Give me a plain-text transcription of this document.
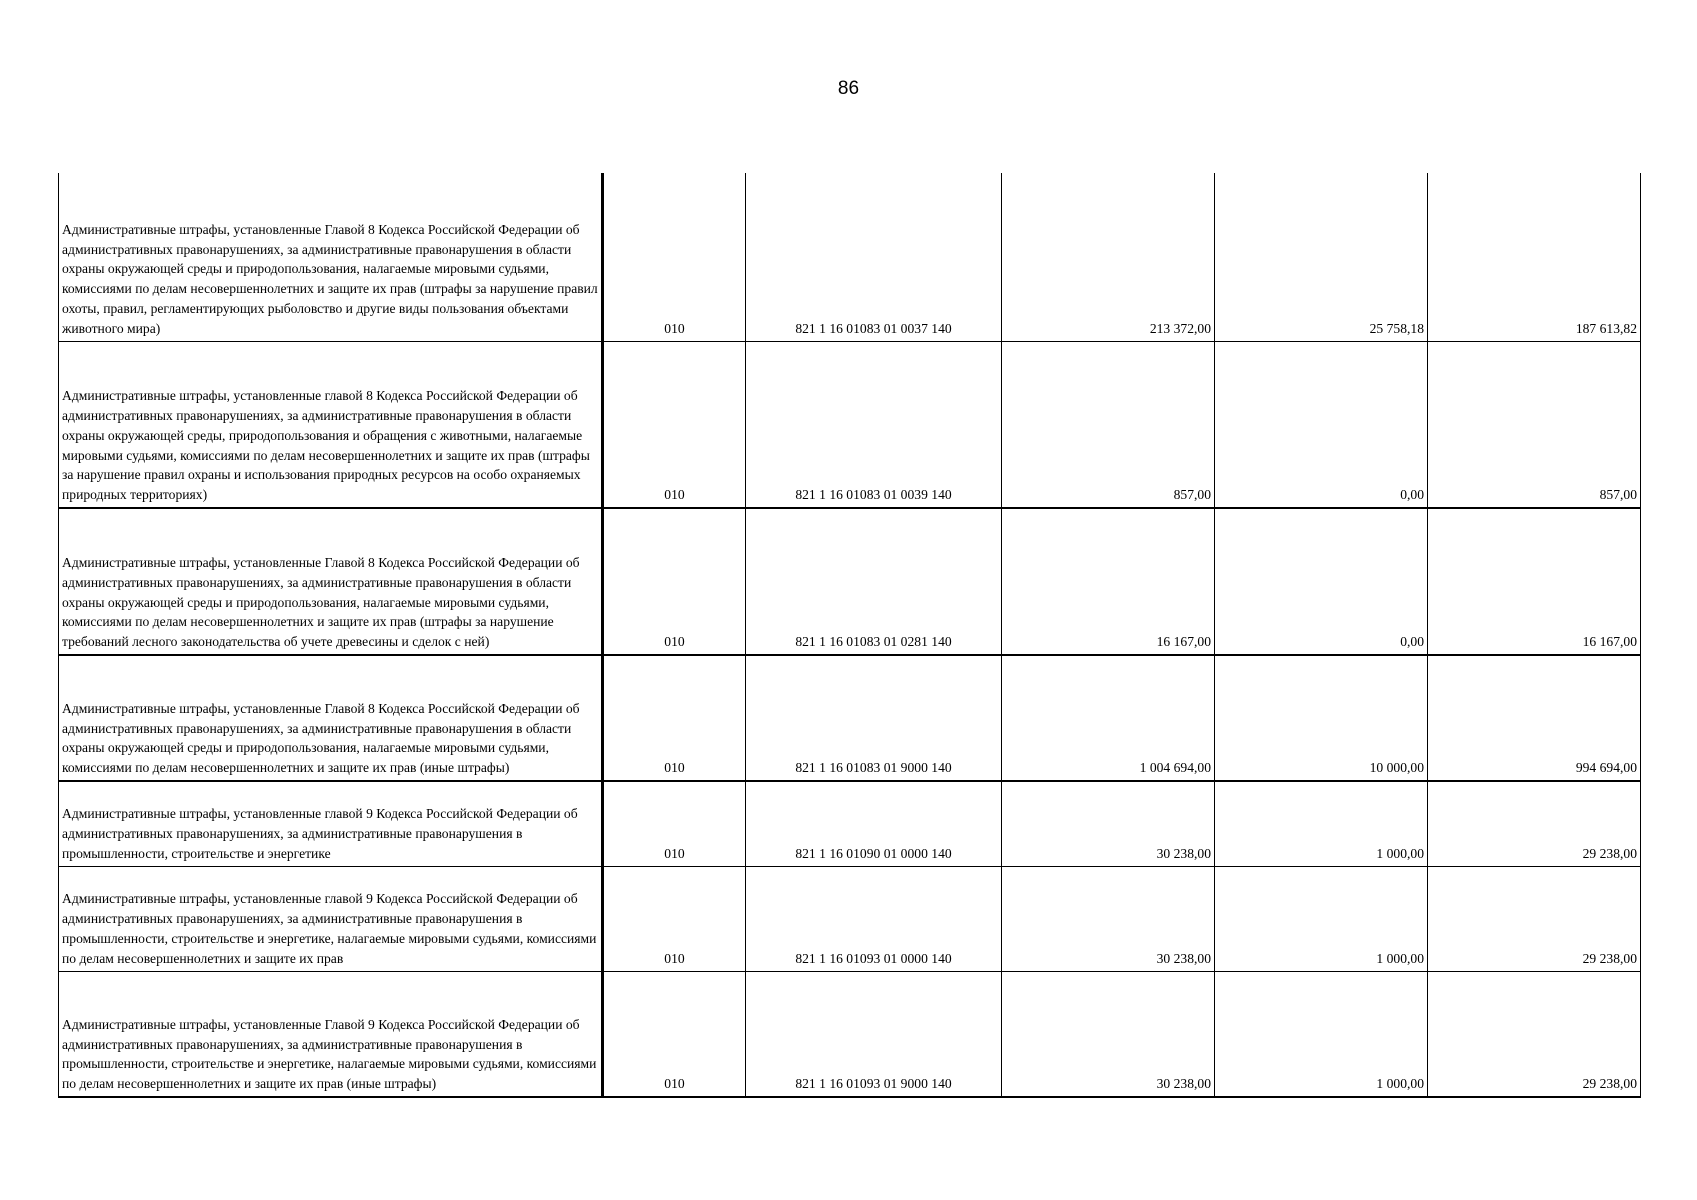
86
Административные штрафы, установленные Главой 8 Кодекса Российской Федерации об административных правонарушениях, за административные правонарушения в области охраны окружающей среды и природопользования, налагаемые мировыми судьями, комиссиями по делам несовершеннолетних и защите их прав (штрафы за нарушение правил охоты, правил, регламентирующих рыболовство и другие виды пользования объектами животного мира)	010	821 1 16 01083 01 0037 140	213 372,00	25 758,18	187 613,82
Административные штрафы, установленные главой 8 Кодекса Российской Федерации об административных правонарушениях, за административные правонарушения в области охраны окружающей среды, природопользования и обращения с животными, налагаемые мировыми судьями, комиссиями по делам несовершеннолетних и защите их прав (штрафы за нарушение правил охраны и использования природных ресурсов на особо охраняемых природных территориях)	010	821 1 16 01083 01 0039 140	857,00	0,00	857,00
Административные штрафы, установленные Главой 8 Кодекса Российской Федерации об административных правонарушениях, за административные правонарушения в области охраны окружающей среды и природопользования, налагаемые мировыми судьями, комиссиями по делам несовершеннолетних и защите их прав (штрафы за нарушение требований лесного законодательства об учете древесины и сделок с ней)	010	821 1 16 01083 01 0281 140	16 167,00	0,00	16 167,00
Административные штрафы, установленные Главой 8 Кодекса Российской Федерации об административных правонарушениях, за административные правонарушения в области охраны окружающей среды и природопользования, налагаемые мировыми судьями, комиссиями по делам несовершеннолетних и защите их прав (иные штрафы)	010	821 1 16 01083 01 9000 140	1 004 694,00	10 000,00	994 694,00
Административные штрафы, установленные главой 9 Кодекса Российской Федерации об административных правонарушениях, за административные правонарушения в промышленности, строительстве и энергетике	010	821 1 16 01090 01 0000 140	30 238,00	1 000,00	29 238,00
Административные штрафы, установленные главой 9 Кодекса Российской Федерации об административных правонарушениях, за административные правонарушения в промышленности, строительстве и энергетике, налагаемые мировыми судьями, комиссиями по делам несовершеннолетних и защите их прав	010	821 1 16 01093 01 0000 140	30 238,00	1 000,00	29 238,00
Административные штрафы, установленные Главой 9 Кодекса Российской Федерации об административных правонарушениях, за административные правонарушения в промышленности, строительстве и энергетике, налагаемые мировыми судьями, комиссиями по делам несовершеннолетних и защите их прав (иные штрафы)	010	821 1 16 01093 01 9000 140	30 238,00	1 000,00	29 238,00
